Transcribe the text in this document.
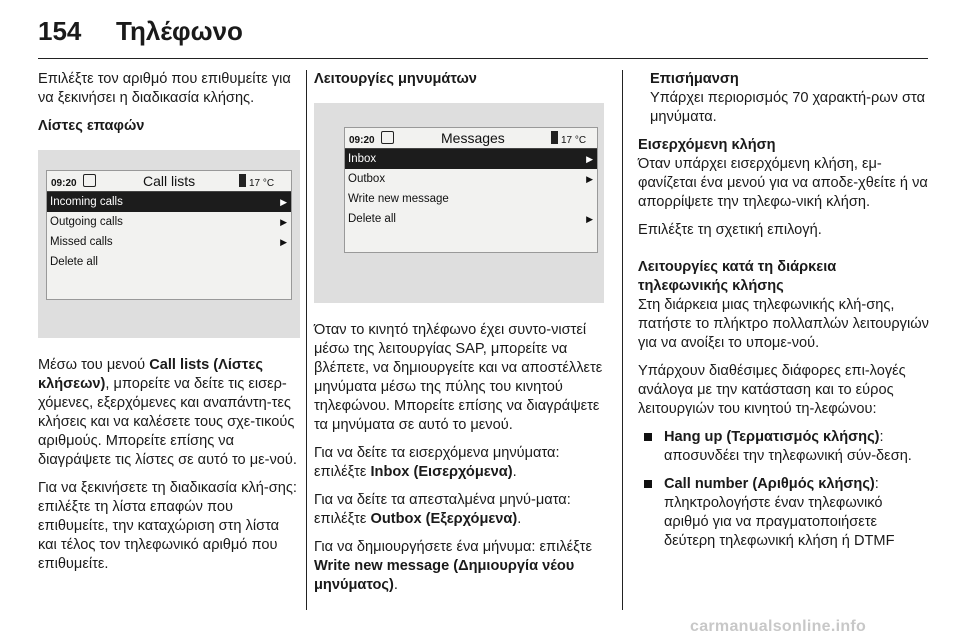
154 Τηλέφωνο

Επιλέξτε τον αριθμό που επιθυμείτε για να ξεκινήσει η διαδικασία κλήσης.

Λίστες επαφών
09:20	Call lists	17 °C
Incoming calls	▶
Outgoing calls	▶
Missed calls	▶
Delete all

Μέσω του μενού Call lists (Λίστες κλήσεων), μπορείτε να δείτε τις εισερ-χόμενες, εξερχόμενες και αναπάντη-τες κλήσεις και να καλέσετε τους σχε-τικούς αριθμούς. Μπορείτε επίσης να διαγράψετε τις λίστες σε αυτό το με-νού.

Για να ξεκινήσετε τη διαδικασία κλή-σης: επιλέξτε τη λίστα επαφών που επιθυμείτε, την καταχώριση στη λίστα και τέλος τον τηλεφωνικό αριθμό που επιθυμείτε.

Λειτουργίες μηνυμάτων
09:20	Messages	17 °C
Inbox	▶
Outbox	▶
Write new message
Delete all	▶

Όταν το κινητό τηλέφωνο έχει συντο-νιστεί μέσω της λειτουργίας SAP, μπορείτε να βλέπετε, να δημιουργείτε και να αποστέλλετε μηνύματα μέσω της πύλης του κινητού τηλεφώνου. Μπορείτε επίσης να διαγράψετε τα μηνύματα σε αυτό το μενού.

Για να δείτε τα εισερχόμενα μηνύματα: επιλέξτε Inbox (Εισερχόμενα).

Για να δείτε τα απεσταλμένα μηνύ-ματα: επιλέξτε Outbox (Εξερχόμενα).

Για να δημιουργήσετε ένα μήνυμα: επιλέξτε Write new message (Δημιουργία νέου μηνύματος).

Επισήμανση
Υπάρχει περιορισμός 70 χαρακτή-ρων στα μηνύματα.
Εισερχόμενη κλήση

Όταν υπάρχει εισερχόμενη κλήση, εμ-φανίζεται ένα μενού για να αποδε-χθείτε ή να απορρίψετε την τηλεφω-νική κλήση.

Επιλέξτε τη σχετική επιλογή.

Λειτουργίες κατά τη διάρκεια τηλεφωνικής κλήσης

Στη διάρκεια μιας τηλεφωνικής κλή-σης, πατήστε το πλήκτρο πολλαπλών λειτουργιών για να ανοίξει το υπομε-νού.

Υπάρχουν διαθέσιμες διάφορες επι-λογές ανάλογα με την κατάσταση και το εύρος λειτουργιών του κινητού τη-λεφώνου:

Hang up (Τερματισμός κλήσης): αποσυνδέει την τηλεφωνική σύν-δεση.
Call number (Αριθμός κλήσης): πληκτρολογήστε έναν τηλεφωνικό αριθμό για να πραγματοποιήσετε δεύτερη τηλεφωνική κλήση ή DTMF
carmanualsonline.info
